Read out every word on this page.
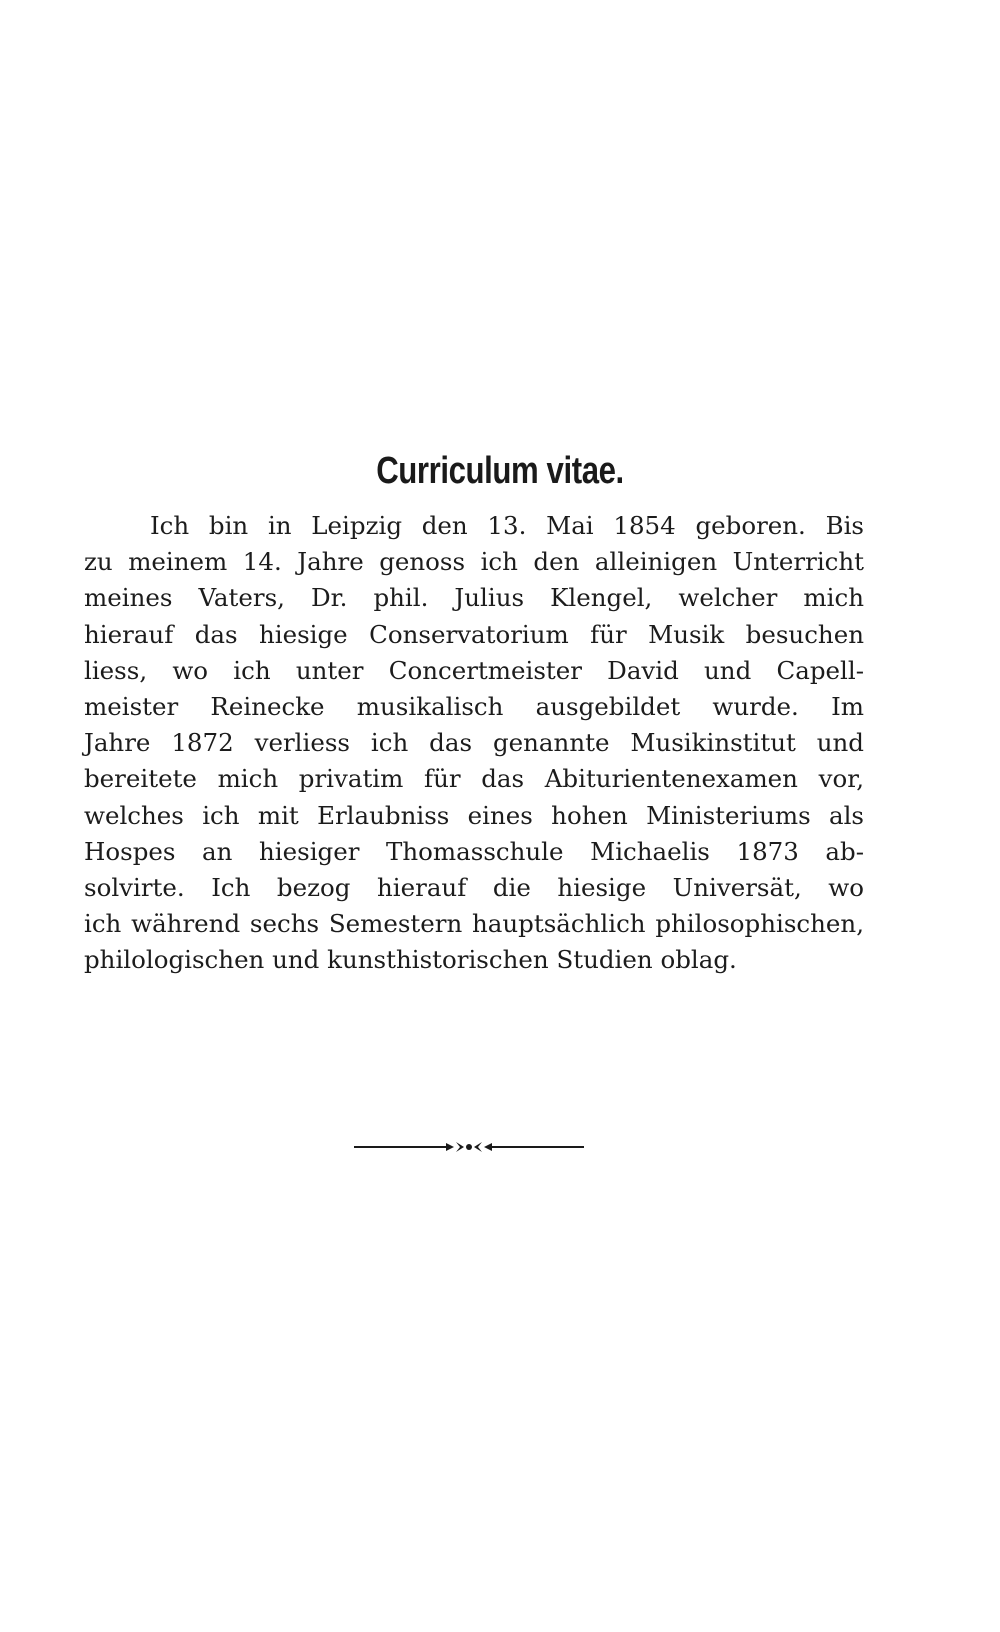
Curriculum vitae.
Ich bin in Leipzig den 13. Mai 1854 geboren. Bis
zu meinem 14. Jahre genoss ich den alleinigen Unterricht
meines Vaters, Dr. phil. Julius Klengel, welcher mich
hierauf das hiesige Conservatorium für Musik besuchen
liess, wo ich unter Concertmeister David und Capell-
meister Reinecke musikalisch ausgebildet wurde. Im
Jahre 1872 verliess ich das genannte Musikinstitut und
bereitete mich privatim für das Abiturientenexamen vor,
welches ich mit Erlaubniss eines hohen Ministeriums als
Hospes an hiesiger Thomasschule Michaelis 1873 ab-
solvirte. Ich bezog hierauf die hiesige Universät, wo
ich während sechs Semestern hauptsächlich philosophischen,
philologischen und kunsthistorischen Studien oblag.
